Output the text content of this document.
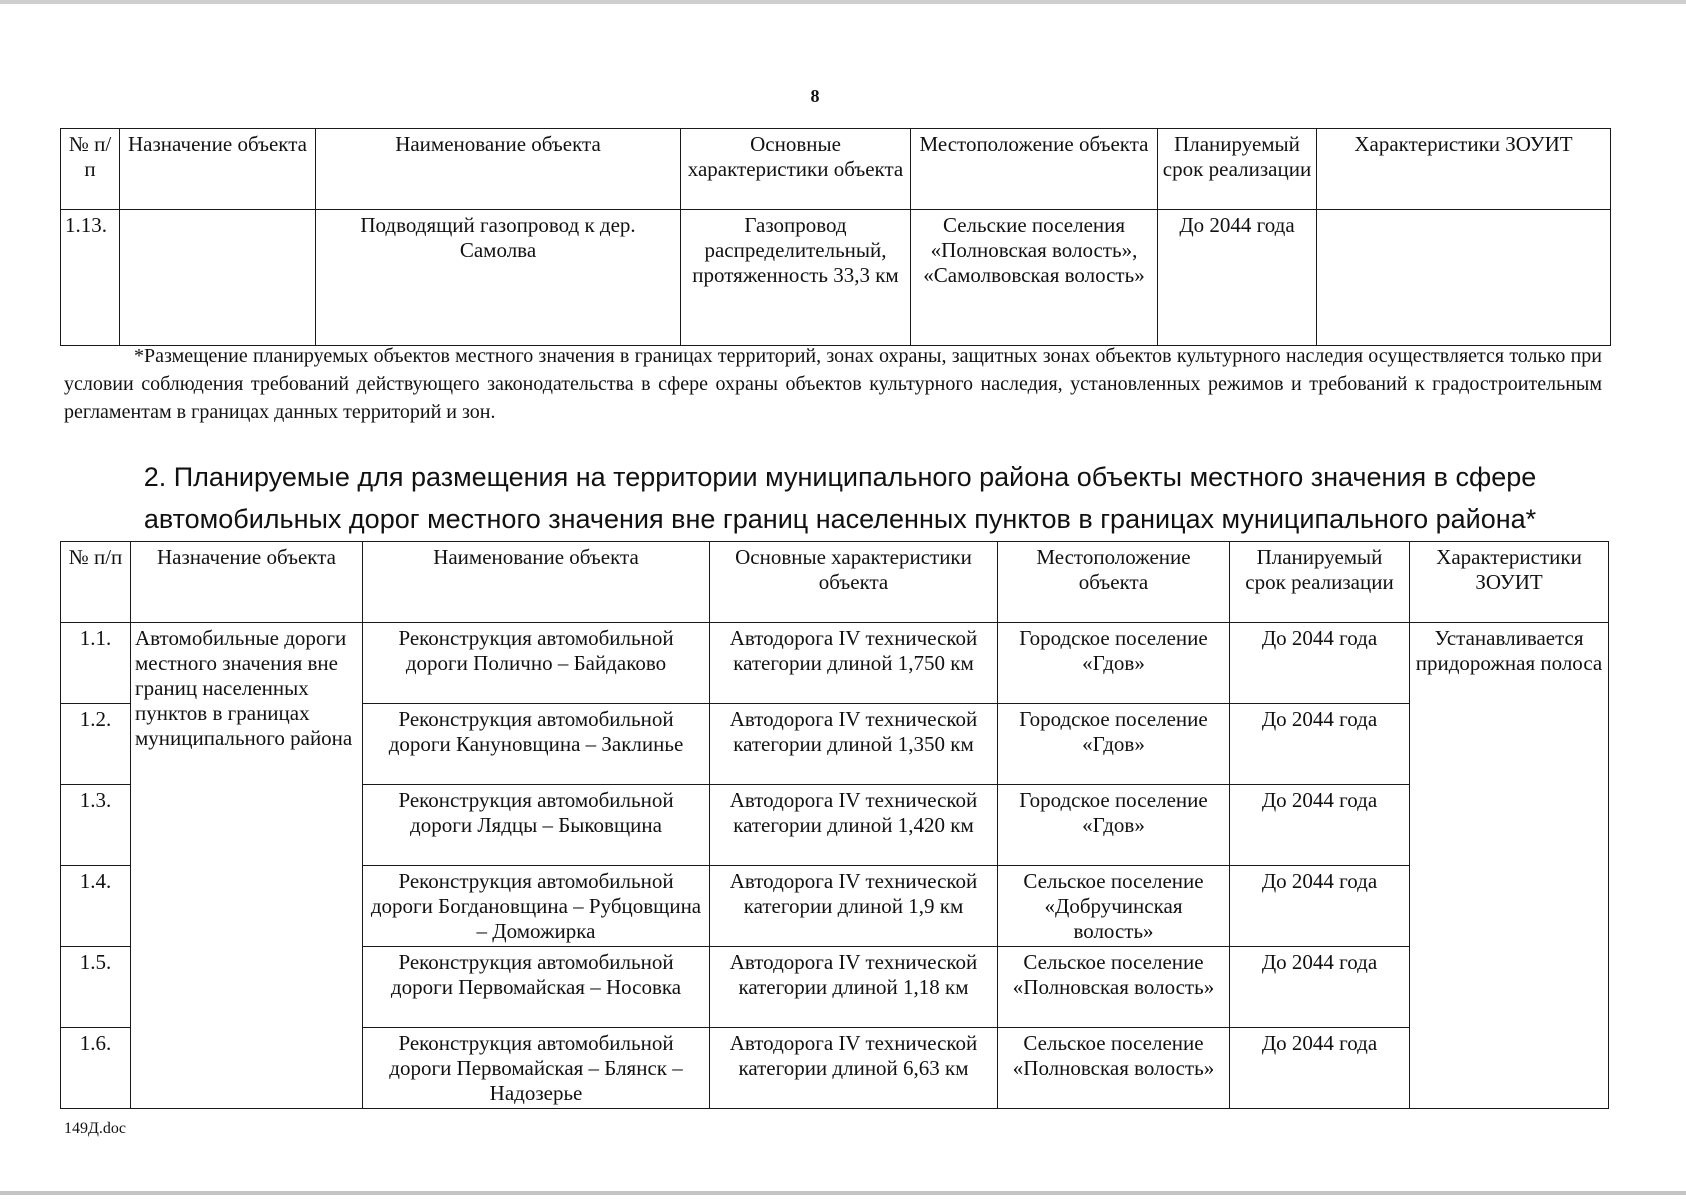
8
№ п/п	Назначение объекта	Наименование объекта	Основные характеристики объекта	Местоположение объекта	Планируемый срок реализации	Характеристики ЗОУИТ
1.13.		Подводящий газопровод к дер. Самолва	Газопровод распределительный, протяженность 33,3 км	Сельские поселения «Полновская волость», «Самолвовская волость»	До 2044 года	
*Размещение планируемых объектов местного значения в границах территорий, зонах охраны, защитных зонах объектов культурного наследия осуществляется только при условии соблюдения требований действующего законодательства в сфере охраны объектов культурного наследия, установленных режимов и требований к градостроительным регламентам в границах данных территорий и зон.
2. Планируемые для размещения на территории муниципального района объекты местного значения в сфере
автомобильных дорог местного значения вне границ населенных пунктов в границах муниципального района*
№ п/п	Назначение объекта	Наименование объекта	Основные характеристики объекта	Местоположение объекта	Планируемый срок реализации	Характеристики ЗОУИТ
1.1.	Автомобильные дороги местного значения вне границ населенных пунктов в границах муниципального района	Реконструкция автомобильной дороги Полично – Байдаково	Автодорога IV технической категории длиной 1,750 км	Городское поселение «Гдов»	До 2044 года	Устанавливается придорожная полоса
1.2.		Реконструкция автомобильной дороги Кануновщина – Заклинье	Автодорога IV технической категории длиной 1,350 км	Городское поселение «Гдов»	До 2044 года	
1.3.		Реконструкция автомобильной дороги Лядцы – Быковщина	Автодорога IV технической категории длиной 1,420 км	Городское поселение «Гдов»	До 2044 года	
1.4.		Реконструкция автомобильной дороги Богдановщина – Рубцовщина – Доможирка	Автодорога IV технической категории длиной 1,9 км	Сельское поселение «Добручинская волость»	До 2044 года	
1.5.		Реконструкция автомобильной дороги Первомайская – Носовка	Автодорога IV технической категории длиной 1,18 км	Сельское поселение «Полновская волость»	До 2044 года	
1.6.		Реконструкция автомобильной дороги Первомайская – Блянск – Надозерье	Автодорога IV технической категории длиной 6,63 км	Сельское поселение «Полновская волость»	До 2044 года	
149Д.doc
